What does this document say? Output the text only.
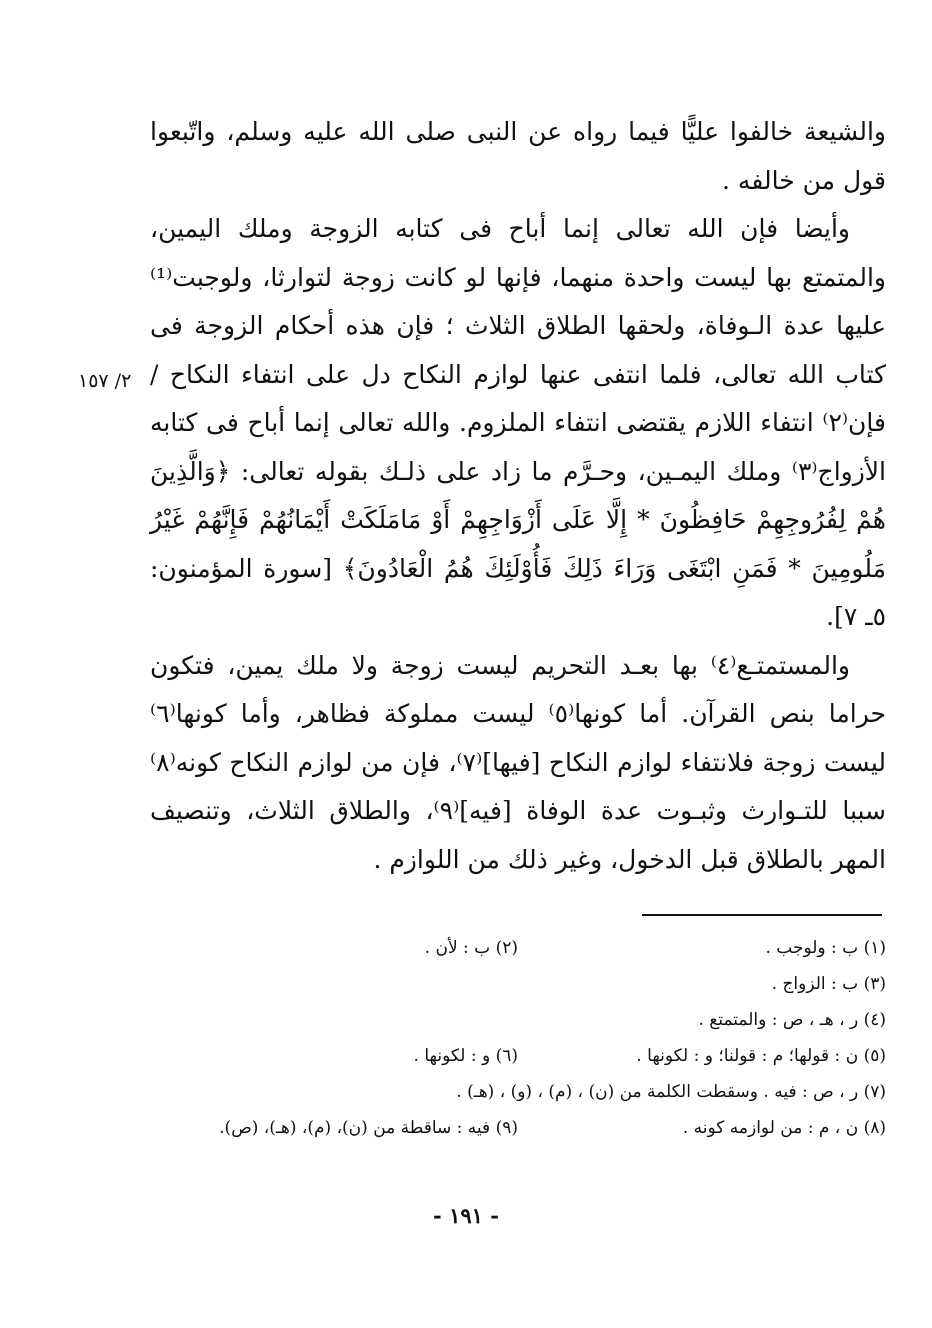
والشيعة خالفوا عليًّا فيما رواه عن النبى صلى الله عليه وسلم، واتّبعوا قول من خالفه .

وأيضا فإن الله تعالى إنما أباح فى كتابه الزوجة وملك اليمين، والمتمتع بها ليست واحدة منهما، فإنها لو كانت زوجة لتوارثا، ولوجبت⁽¹⁾ عليها عدة الـوفاة، ولحقها الطلاق الثلاث ؛ فإن هذه أحكام الزوجة فى كتاب الله تعالى، فلما انتفى عنها لوازم النكاح دل على انتفاء النكاح / فإن⁽٢⁾ انتفاء اللازم يقتضى انتفاء الملزوم. والله تعالى إنما أباح فى كتابه الأزواج⁽٣⁾ وملك اليمـين، وحـرَّم ما زاد على ذلـك بقوله تعالى: ﴿وَالَّذِينَ هُمْ لِفُرُوجِهِمْ حَافِظُونَ * إِلَّا عَلَى أَزْوَاجِهِمْ أَوْ مَامَلَكَتْ أَيْمَانُهُمْ فَإِنَّهُمْ غَيْرُ مَلُومِينَ * فَمَنِ ابْتَغَى وَرَاءَ ذَلِكَ فَأُوْلَئِكَ هُمُ الْعَادُونَ﴾ [سورة المؤمنون: ٥ـ ٧].

والمستمتـع⁽٤⁾ بها بعـد التحريم ليست زوجة ولا ملك يمين، فتكون حراما بنص القرآن. أما كونها⁽٥⁾ ليست مملوكة فظاهر، وأما كونها⁽٦⁾ ليست زوجة فلانتفاء لوازم النكاح [فيها]⁽٧⁾، فإن من لوازم النكاح كونه⁽٨⁾ سببا للتـوارث وثبـوت عدة الوفاة [فيه]⁽٩⁾، والطلاق الثلاث، وتنصيف المهر بالطلاق قبل الدخول، وغير ذلك من اللوازم .

٢/ ١٥٧
(١) ب : ولوجب .
(٢) ب : لأن .
(٣) ب : الزواج .
(٤) ر ، هـ ، ص : والمتمتع .
(٥) ن : قولها؛ م : قولنا؛ و : لكونها .
(٦) و : لكونها .
(٧) ر ، ص : فيه . وسقطت الكلمة من (ن) ، (م) ، (و) ، (هـ) .
(٨) ن ، م : من لوازمه كونه .
(٩) فيه : ساقطة من (ن)، (م)، (هـ)، (ص).
- ١٩١ -
